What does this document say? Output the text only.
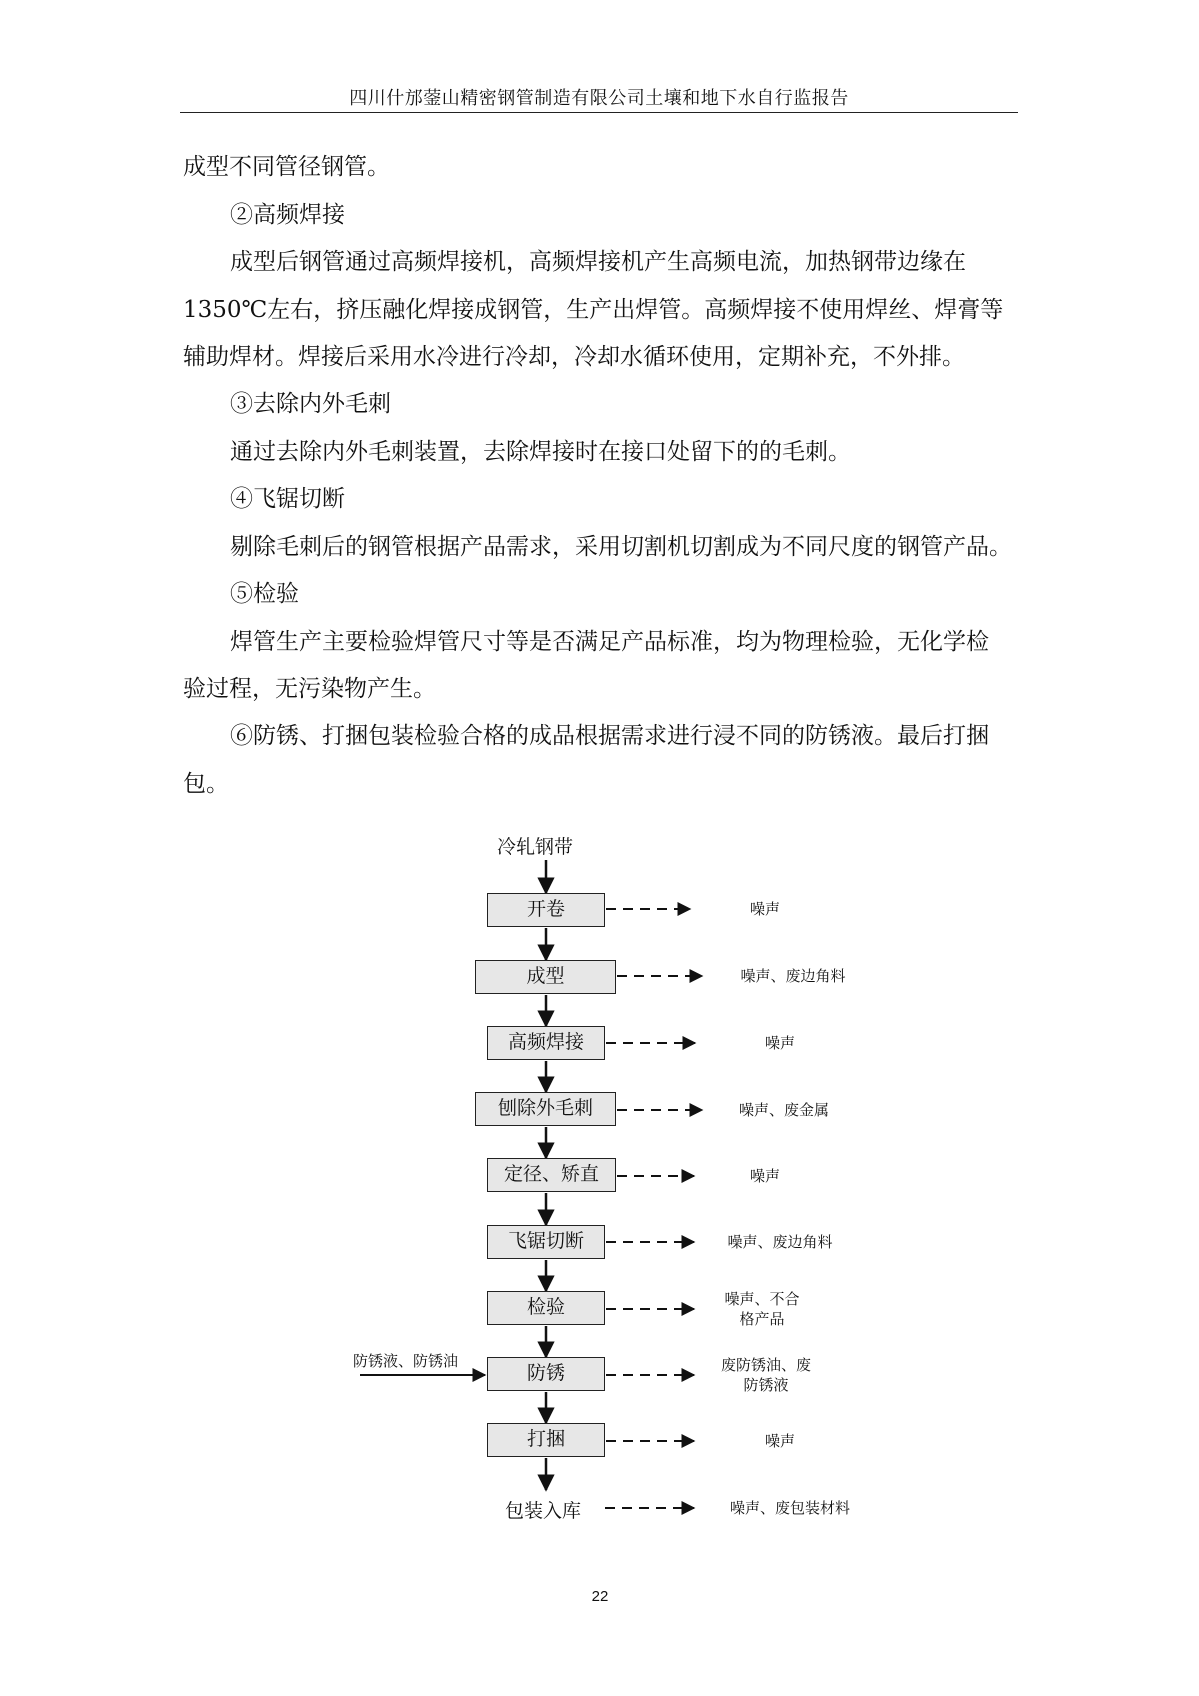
四川什邡蓥山精密钢管制造有限公司土壤和地下水自行监报告
成型不同管径钢管。
②高频焊接
成型后钢管通过高频焊接机，高频焊接机产生高频电流，加热钢带边缘在
1350℃左右，挤压融化焊接成钢管，生产出焊管。高频焊接不使用焊丝、焊膏等
辅助焊材。焊接后采用水冷进行冷却，冷却水循环使用，定期补充，不外排。
③去除内外毛刺
通过去除内外毛刺装置，去除焊接时在接口处留下的的毛刺。
④飞锯切断
剔除毛刺后的钢管根据产品需求，采用切割机切割成为不同尺度的钢管产品。
⑤检验
焊管生产主要检验焊管尺寸等是否满足产品标准，均为物理检验，无化学检
验过程，无污染物产生。
⑥防锈、打捆包装检验合格的成品根据需求进行浸不同的防锈液。最后打捆
包。
冷轧钢带
开卷
成型
高频焊接
刨除外毛刺
定径、矫直
飞锯切断
检验
防锈
打捆
包装入库
防锈液、防锈油
噪声
噪声、废边角料
噪声
噪声、废金属
噪声
噪声、废边角料
噪声、不合格产品
废防锈油、废防锈液
噪声
噪声、废包装材料
22
